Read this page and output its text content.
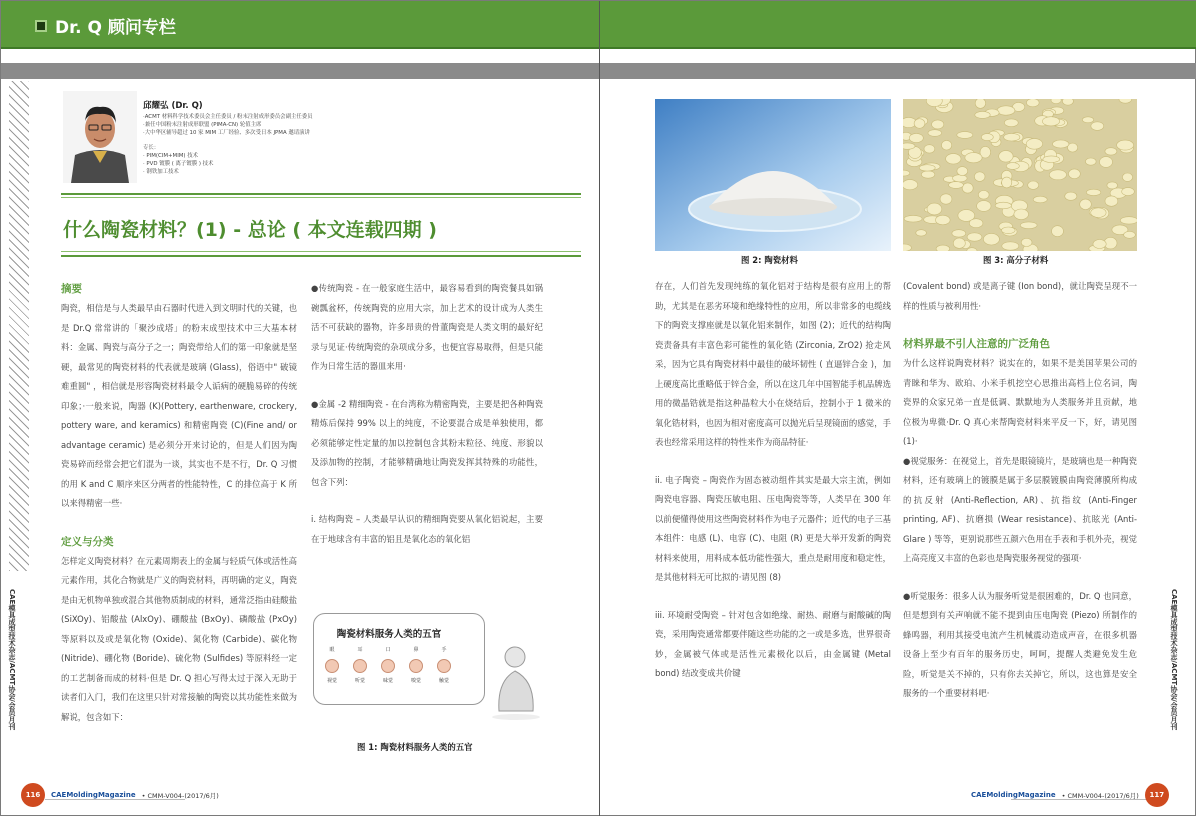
Dr. Q 顾问专栏
邱耀弘 (Dr. Q)
·ACMT 材料科学技术委员会主任委员 / 粉末注射成形委员会副主任委员
·兼任中国粉末注射成形联盟 (PIMA-CN) 轮值主席
·大中华区辅导超过 10 家 MIM 工厂经验、多次受日本 JPMA 邀请演讲
专长：
· PIM(CIM+MIM) 技术
· PVD 镀膜 ( 离子镀膜 ) 技术
· 钢铁加工技术
什么陶瓷材料？(1) - 总论 ( 本文连载四期 )
摘要
陶瓷，相信是与人类最早由石器时代进入到文明时代的关键，也是 Dr.Q 常常讲的「聚沙成塔」的粉末成型技术中三大基本材料：金属、陶瓷与高分子之一；陶瓷带给人们的第一印象就是坚硬，最常见的陶瓷材料的代表就是玻璃 (Glass)，俗语中" 破镜难重圆" ，相信就是形容陶瓷材料最令人诟病的硬脆易碎的传统印象；·一般来说，陶器 (K)(Pottery, earthenware, crockery, pottery ware, and keramics) 和精密陶瓷 (C)(Fine and/ or advantage ceramic) 是必须分开来讨论的，但是人们因为陶瓷易碎而经常会把它们混为一谈，其实也不是不行，Dr. Q 习惯的用 K and C 顺序来区分两者的性能特性，C 的排位高于 K 所以来得精密一些·
定义与分类
怎样定义陶瓷材料？在元素周期表上的金属与轻质气体或活性高元素作用，其化合物就是广义的陶瓷材料，再明确的定义，陶瓷是由无机物单独或混合其他物质制成的材料，通常泛指由硅酸盐 (SiXOy)、铝酸盐 (AlxOy)、硼酸盐 (BxOy)、磷酸盐 (PxOy) 等原料以及或是氧化物 (Oxide)、氮化物 (Carbide)、碳化物 (Nitride)、硼化物 (Boride)、硫化物 (Sulfides) 等原料经一定的工艺制备而成的材料·但是 Dr. Q 担心写得太过于深入无助于读者们入门，我们在这里只针对常接触的陶瓷以其功能性来做为解说，包含如下：
●传统陶瓷 - 在一般家庭生活中，最容易看到的陶瓷餐具如锅碗瓢盆杯，传统陶瓷的应用大宗，加上艺术的设计成为人类生活不可获缺的器物，许多昂贵的骨董陶瓷是人类文明的最好纪录与见证·传统陶瓷的杂项成分多，也便宜容易取得，但是只能作为日常生活的器皿来用·
●金属 -2 精细陶瓷 - 在台湾称为精密陶瓷，主要是把各种陶瓷精炼后保持 99% 以上的纯度，不论要混合成是单独使用，都必须能够定性定量的加以控制包含其粉末粒径、纯度、形貌以及添加物的控制，才能够精确地让陶瓷发挥其特殊的功能性，包含下列：
i. 结构陶瓷 – 人类最早认识的精细陶瓷要从氧化铝说起，主要在于地球含有丰富的铝且是氧化态的氧化铝
陶瓷材料服务人类的五官
眼
视觉
耳
听觉
口
味觉
鼻
嗅觉
手
触觉
图 1: 陶瓷材料服务人类的五官
图 2: 陶瓷材料	图 3: 高分子材料
存在，人们首先发现纯练的氧化铝对于结构是很有应用上的帮助，尤其是在恶劣环境和绝缘特性的应用，所以非常多的电缆线下的陶瓷支撑座就是以氧化铝来制作，如图 (2)；近代的结构陶瓷责备具有丰富色彩可能性的氧化锆 (Zirconia, ZrO2) 抢走风采，因为它具有陶瓷材料中最佳的破坏韧性 ( 直逼锌合金 )，加上硬度高比重略低于锌合金，所以在这几年中国智能手机品牌选用的微晶锆就是指这种晶粒大小在烧结后，控制小于 1 微米的氧化锆材料，也因为相对密度高可以抛光后呈现镜面的感觉，手表也经常采用这样的特性来作为商品特征·
ii. 电子陶瓷 – 陶瓷作为固态被动组件其实是最大宗主流，例如陶瓷电容器、陶瓷压敏电阻、压电陶瓷等等，人类早在 300 年以前便懂得使用这些陶瓷材料作为电子元器件；近代的电子三基本组件：电感 (L)、电容 (C)、电阻 (R) 更是大举开发新的陶瓷材料来使用，用料成本低功能性强大，重点是耐用度和稳定性，是其他材料无可比拟的·请见图 (8)
iii. 环境耐受陶瓷 – 针对包含如绝缘、耐热、耐磨与耐酸碱的陶瓷，采用陶瓷通常都要伴随这些功能的之一或是多选，世界很奇妙，金属被气体或是活性元素极化以后，由金属键 (Metal bond) 结改变成共价键
(Covalent bond) 或是离子键 (Ion bond)，就让陶瓷呈现不一样的性质与被利用性·
材料界最不引人注意的广泛角色
为什么这样说陶瓷材料？说实在的，如果不是美国苹果公司的青睐和华为、欧珀、小米手机挖空心思推出高档上位名词，陶瓷界的众家兄弟一直是低调、默默地为人类服务并且贡献，地位极为卑微·Dr. Q 真心来帮陶瓷材料来平反一下，好，请见图 (1)·
●视觉服务：在视觉上，首先是眼镜镜片，是玻璃也是一种陶瓷材料，还有玻璃上的镀膜是属于多层膜镀膜由陶瓷薄膜所构成的抗反射 (Anti-Reflection, AR)、抗指纹 (Anti-Finger printing, AF)、抗磨损 (Wear resistance)、抗眩光 (Anti-Glare ) 等等，更别说那些五颜六色用在手表和手机外壳，视觉上高亮度又丰富的色彩也是陶瓷服务视觉的强项·
●听觉服务：很多人认为服务听觉是很困难的，Dr. Q 也同意，但是想到有关声响就不能不提到由压电陶瓷 (Piezo) 所制作的蜂鸣器，利用其接受电流产生机械震动造成声音，在很多机器设备上至少有百年的服务历史，呵呵，提醒人类避免发生危险，听觉是关不掉的，只有你去关掉它，所以，这也算是安全服务的一个重要材料吧·
CAE模具成型技术杂志/ACMT协会/会员月刊	CAE模具成型技术杂志/ACMT协会/会员月刊
116	CAEMoldingMagazine • CMM-V004-(2017/6月)	CAEMoldingMagazine • CMM-V004-(2017/6月)	117
